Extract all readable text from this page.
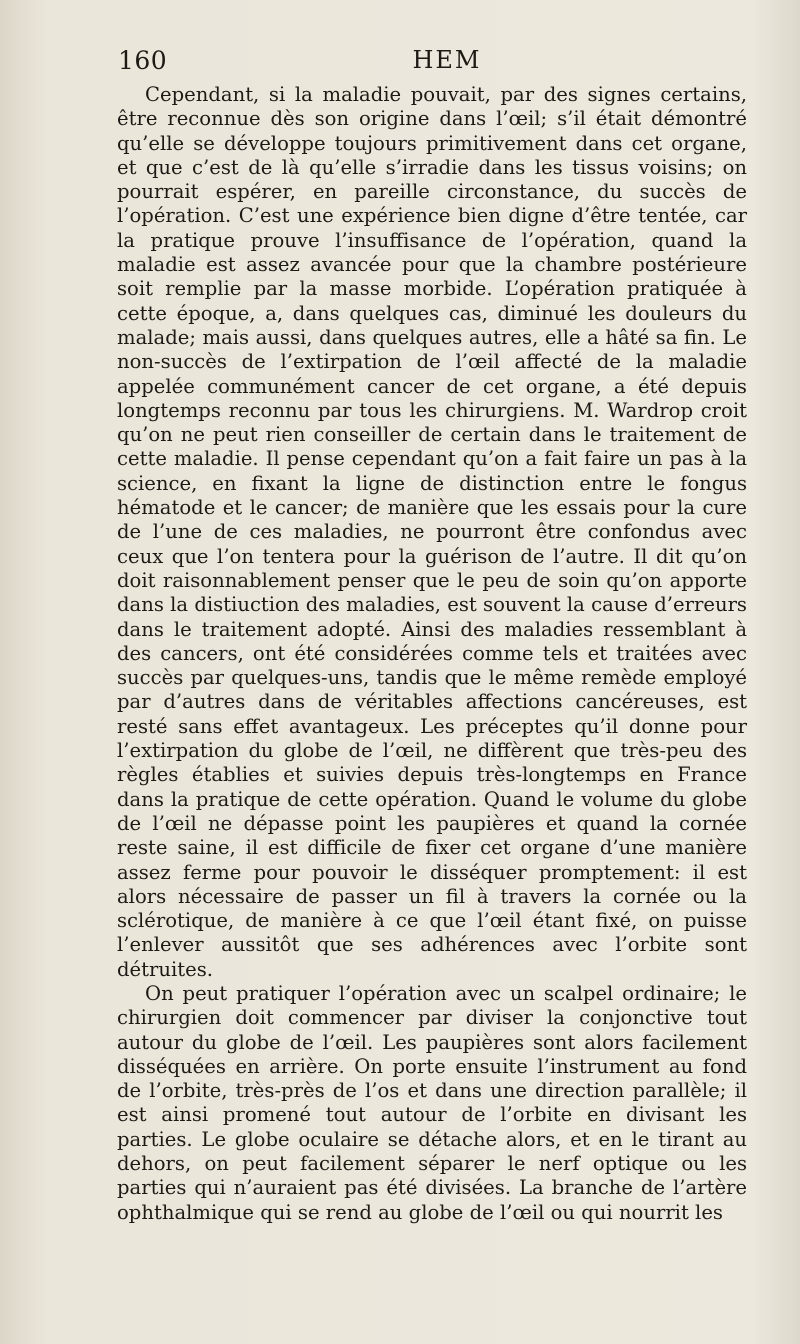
160	HEM

Cependant, si la maladie pouvait, par des signes certains, être reconnue dès son origine dans l’œil; s’il était démontré qu’elle se développe toujours primitivement dans cet organe, et que c’est de là qu’elle s’irradie dans les tissus voisins; on pourrait espérer, en pareille circonstance, du succès de l’opération. C’est une expérience bien digne d’être tentée, car la pratique prouve l’insuffisance de l’opération, quand la maladie est assez avancée pour que la chambre postérieure soit remplie par la masse morbide. L’opération pratiquée à cette époque, a, dans quelques cas, diminué les douleurs du malade; mais aussi, dans quelques autres, elle a hâté sa fin. Le non-succès de l’extirpation de l’œil affecté de la maladie appelée communément cancer de cet organe, a été depuis longtemps reconnu par tous les chirurgiens. M. Wardrop croit qu’on ne peut rien conseiller de certain dans le traitement de cette maladie. Il pense cependant qu’on a fait faire un pas à la science, en fixant la ligne de distinction entre le fongus hématode et le cancer; de manière que les essais pour la cure de l’une de ces maladies, ne pourront être confondus avec ceux que l’on tentera pour la guérison de l’autre. Il dit qu’on doit raisonnablement penser que le peu de soin qu’on apporte dans la distiuction des maladies, est souvent la cause d’erreurs dans le traitement adopté. Ainsi des maladies ressemblant à des cancers, ont été considérées comme tels et traitées avec succès par quelques-uns, tandis que le même remède employé par d’autres dans de véritables affections cancéreuses, est resté sans effet avantageux. Les préceptes qu’il donne pour l’extirpation du globe de l’œil, ne diffèrent que très-peu des règles établies et suivies depuis très-longtemps en France dans la pratique de cette opération. Quand le volume du globe de l’œil ne dépasse point les paupières et quand la cornée reste saine, il est difficile de fixer cet organe d’une manière assez ferme pour pouvoir le disséquer promptement: il est alors nécessaire de passer un fil à travers la cornée ou la sclérotique, de manière à ce que l’œil étant fixé, on puisse l’enlever aussitôt que ses adhérences avec l’orbite sont détruites.

On peut pratiquer l’opération avec un scalpel ordinaire; le chirurgien doit commencer par diviser la conjonctive tout autour du globe de l’œil. Les paupières sont alors facilement disséquées en arrière. On porte ensuite l’instrument au fond de l’orbite, très-près de l’os et dans une direction parallèle; il est ainsi promené tout autour de l’orbite en divisant les parties. Le globe oculaire se détache alors, et en le tirant au dehors, on peut facilement séparer le nerf optique ou les parties qui n’auraient pas été divisées. La branche de l’artère ophthalmique qui se rend au globe de l’œil ou qui nourrit les
